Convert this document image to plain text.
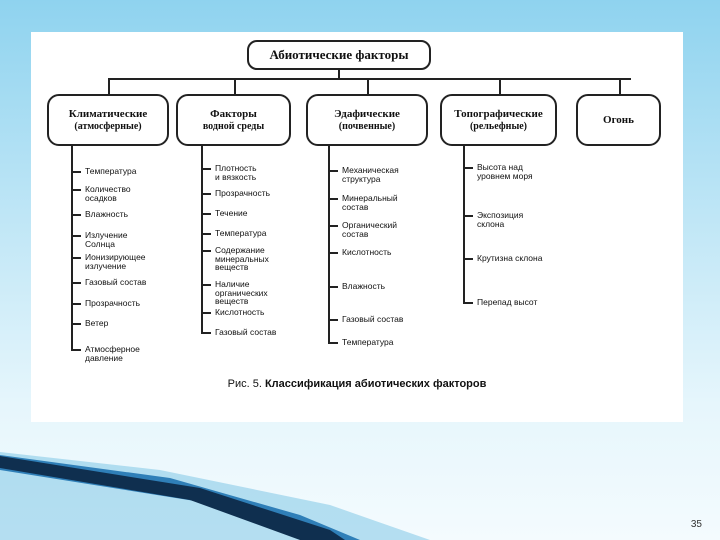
Абиотические факторы
Климатические
(атмосферные)
Температура
Количество
осадков
Влажность
Излучение
Солнца
Ионизирующее
излучение
Газовый состав
Прозрачность
Ветер
Атмосферное
давление
Факторы
водной среды
Плотность
и вязкость
Прозрачность
Течение
Температура
Содержание
минеральных
веществ
Наличие
органических
веществ
Кислотность
Газовый состав
Эдафические
(почвенные)
Механическая
структура
Минеральный
состав
Органический
состав
Кислотность
Влажность
Газовый состав
Температура
Топографические
(рельефные)
Высота над
уровнем моря
Экспозиция
склона
Крутизна склона
Перепад высот
Огонь
Рис. 5. Классификация абиотических факторов
35
